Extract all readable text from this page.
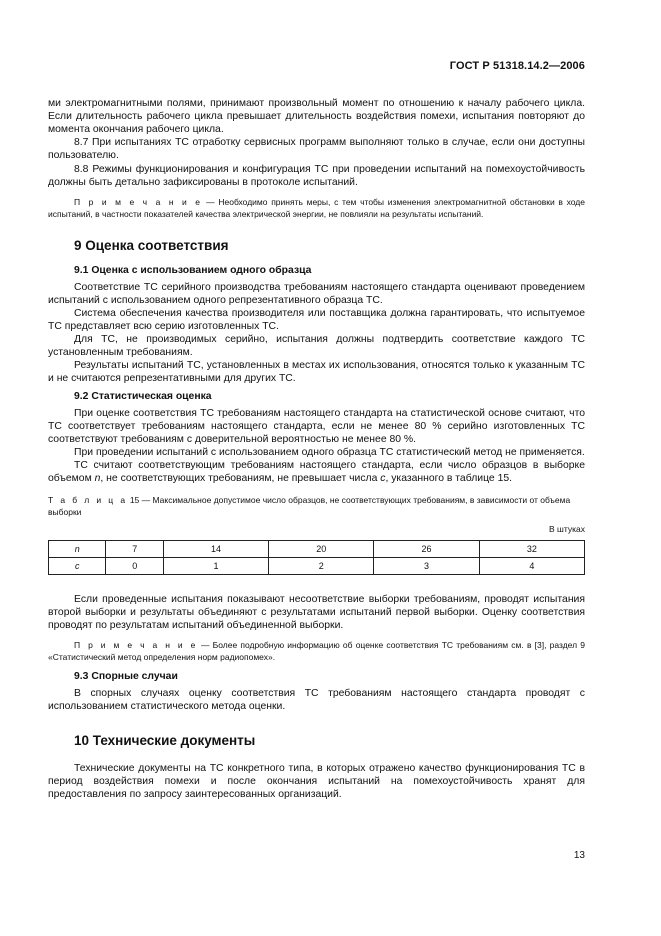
ГОСТ Р 51318.14.2—2006

ми электромагнитными полями, принимают произвольный момент по отношению к началу рабочего цикла. Если длительность рабочего цикла превышает длительность воздействия помехи, испытания повторяют до момента окончания рабочего цикла.

8.7 При испытаниях ТС отработку сервисных программ выполняют только в случае, если они доступны пользователю.

8.8 Режимы функционирования и конфигурация ТС при проведении испытаний на помехоустойчивость должны быть детально зафиксированы в протоколе испытаний.

П р и м е ч а н и е — Необходимо принять меры, с тем чтобы изменения электромагнитной обстановки в ходе испытаний, в частности показателей качества электрической энергии, не повлияли на результаты испытаний.
9 Оценка соответствия
9.1 Оценка с использованием одного образца

Соответствие ТС серийного производства требованиям настоящего стандарта оценивают проведением испытаний с использованием одного репрезентативного образца ТС.

Система обеспечения качества производителя или поставщика должна гарантировать, что испытуемое ТС представляет всю серию изготовленных ТС.

Для ТС, не производимых серийно, испытания должны подтвердить соответствие каждого ТС установленным требованиям.

Результаты испытаний ТС, установленных в местах их использования, относятся только к указанным ТС и не считаются репрезентативными для других ТС.

9.2 Статистическая оценка

При оценке соответствия ТС требованиям настоящего стандарта на статистической основе считают, что ТС соответствует требованиям настоящего стандарта, если не менее 80 % серийно изготовленных ТС соответствуют требованиям с доверительной вероятностью не менее 80 %.

При проведении испытаний с использованием одного образца ТС статистический метод не применяется.

ТС считают соответствующим требованиям настоящего стандарта, если число образцов в выборке объемом n, не соответствующих требованиям, не превышает числа c, указанного в таблице 15.

Т а б л и ц а 15 — Максимальное допустимое число образцов, не соответствующих требованиям, в зависимости от объема выборки
В штуках
n	7	14	20	26	32
c	0	1	2	3	4

Если проведенные испытания показывают несоответствие выборки требованиям, проводят испытания второй выборки и результаты объединяют с результатами испытаний первой выборки. Оценку соответствия проводят по результатам испытаний объединенной выборки.

П р и м е ч а н и е — Более подробную информацию об оценке соответствия ТС требованиям см. в [3], раздел 9 «Статистический метод определения норм радиопомех».
9.3 Спорные случаи

В спорных случаях оценку соответствия ТС требованиям настоящего стандарта проводят с использованием статистического метода оценки.

10 Технические документы

Технические документы на ТС конкретного типа, в которых отражено качество функционирования ТС в период воздействия помехи и после окончания испытаний на помехоустойчивость хранят для предоставления по запросу заинтересованных организаций.

13
